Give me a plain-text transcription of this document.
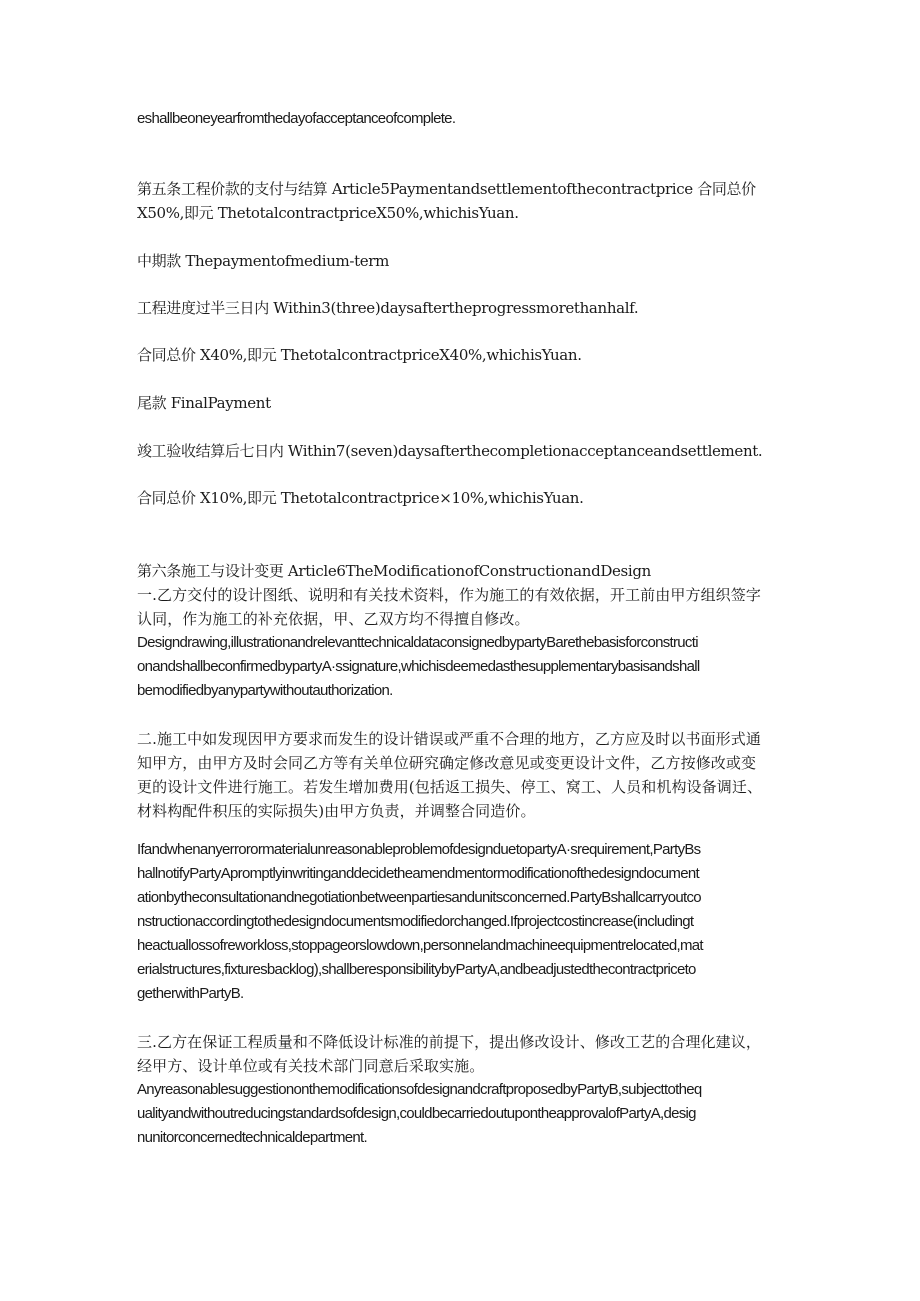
eshallbeoneyearfromthedayofacceptanceofcomplete.
第五条工程价款的支付与结算 Article5Paymentandsettlementofthecontractprice 合同总价
X50%,即元 ThetotalcontractpriceX50%,whichisYuan.
中期款 Thepaymentofmedium-term
工程进度过半三日内 Within3(three)daysaftertheprogressmorethanhalf.
合同总价 X40%,即元 ThetotalcontractpriceX40%,whichisYuan.
尾款 FinalPayment
竣工验收结算后七日内 Within7(seven)daysafterthecompletionacceptanceandsettlement.
合同总价 X10%,即元 Thetotalcontractprice×10%,whichisYuan.
第六条施工与设计变更 Article6TheModificationofConstructionandDesign
一.乙方交付的设计图纸、说明和有关技术资料，作为施工的有效依据，开工前由甲方组织签字
认同，作为施工的补充依据，甲、乙双方均不得擅自修改。
Designdrawing,illustrationandrelevanttechnicaldataconsignedbypartyBarethebasisforconstructi
onandshallbeconfirmedbypartyA·ssignature,whichisdeemedasthesupplementarybasisandshall
bemodifiedbyanypartywithoutauthorization.
二.施工中如发现因甲方要求而发生的设计错误或严重不合理的地方，乙方应及时以书面形式通
知甲方，由甲方及时会同乙方等有关单位研究确定修改意见或变更设计文件，乙方按修改或变
更的设计文件进行施工。若发生增加费用(包括返工损失、停工、窝工、人员和机构设备调迁、
材料构配件积压的实际损失)由甲方负责，并调整合同造价。
IfandwhenanyerrorormaterialunreasonableproblemofdesignduetopartyA·srequirement,PartyBs
hallnotifyPartyApromptlyinwritinganddecidetheamendmentormodificationofthedesigndocument
ationbytheconsultationandnegotiationbetweenpartiesandunitsconcerned.PartyBshallcarryoutco
nstructionaccordingtothedesigndocumentsmodifiedorchanged.Ifprojectcostincrease(includingt
heactuallossofreworkloss,stoppageorslowdown,personnelandmachineequipmentrelocated,mat
erialstructures,fixturesbacklog),shallberesponsibilitybyPartyA,andbeadjustedthecontractpriceto
getherwithPartyB.
三.乙方在保证工程质量和不降低设计标准的前提下，提出修改设计、修改工艺的合理化建议，
经甲方、设计单位或有关技术部门同意后采取实施。
AnyreasonablesuggestiononthemodificationsofdesignandcraftproposedbyPartyB,subjecttotheq
ualityandwithoutreducingstandardsofdesign,couldbecarriedoutupontheapprovalofPartyA,desig
nunitorconcernedtechnicaldepartment.
